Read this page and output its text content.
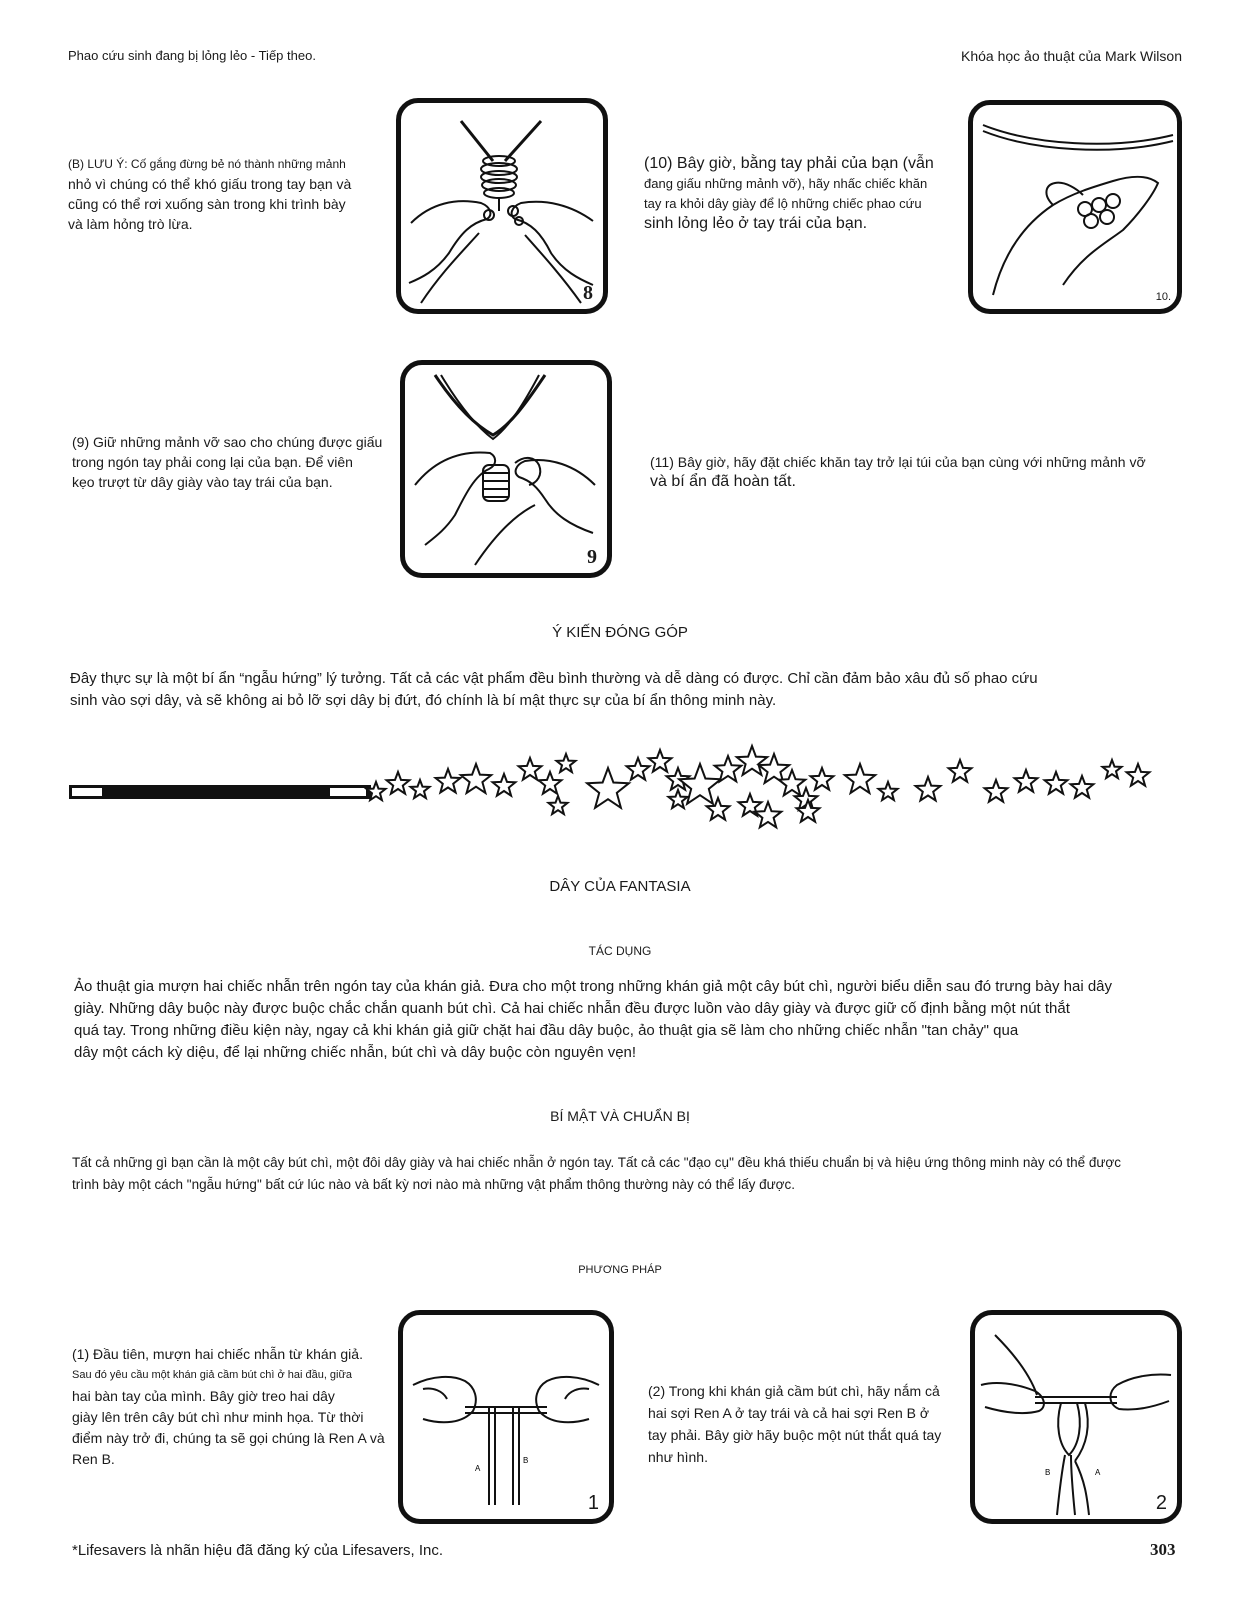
Phao cứu sinh đang bị lỏng lẻo - Tiếp theo.	Khóa học ảo thuật của Mark Wilson
(B) LƯU Ý: Cố gắng đừng bẻ nó thành những mảnh
nhỏ vì chúng có thể khó giấu trong tay bạn và
cũng có thể rơi xuống sàn trong khi trình bày
và làm hỏng trò lừa.
8
(10) Bây giờ, bằng tay phải của bạn (vẫn
đang giấu những mảnh vỡ), hãy nhấc chiếc khăn
tay ra khỏi dây giày để lộ những chiếc phao cứu
sinh lỏng lẻo ở tay trái của bạn.
10.
(9) Giữ những mảnh vỡ sao cho chúng được giấu
trong ngón tay phải cong lại của bạn. Để viên
kẹo trượt từ dây giày vào tay trái của bạn.
9
(11) Bây giờ, hãy đặt chiếc khăn tay trở lại túi của bạn cùng với những mảnh vỡ
và bí ẩn đã hoàn tất.
Ý KIẾN ĐÓNG GÓP
Đây thực sự là một bí ẩn “ngẫu hứng” lý tưởng. Tất cả các vật phẩm đều bình thường và dễ dàng có được. Chỉ cần đảm bảo xâu đủ số phao cứu
sinh vào sợi dây, và sẽ không ai bỏ lỡ sợi dây bị đứt, đó chính là bí mật thực sự của bí ẩn thông minh này.
DÂY CỦA FANTASIA
TÁC DỤNG
Ảo thuật gia mượn hai chiếc nhẫn trên ngón tay của khán giả. Đưa cho một trong những khán giả một cây bút chì, người biểu diễn sau đó trưng bày hai dây
giày. Những dây buộc này được buộc chắc chắn quanh bút chì. Cả hai chiếc nhẫn đều được luồn vào dây giày và được giữ cố định bằng một nút thắt
quá tay. Trong những điều kiện này, ngay cả khi khán giả giữ chặt hai đầu dây buộc, ảo thuật gia sẽ làm cho những chiếc nhẫn "tan chảy" qua
dây một cách kỳ diệu, để lại những chiếc nhẫn, bút chì và dây buộc còn nguyên vẹn!
BÍ MẬT VÀ CHUẨN BỊ
Tất cả những gì bạn cần là một cây bút chì, một đôi dây giày và hai chiếc nhẫn ở ngón tay. Tất cả các "đạo cụ" đều khá thiếu chuẩn bị và hiệu ứng thông minh này có thể được
trình bày một cách "ngẫu hứng" bất cứ lúc nào và bất kỳ nơi nào mà những vật phẩm thông thường này có thể lấy được.
PHƯƠNG PHÁP
(1) Đầu tiên, mượn hai chiếc nhẫn từ khán giả.
Sau đó yêu cầu một khán giả cầm bút chì ở hai đầu, giữa
hai bàn tay của mình. Bây giờ treo hai dây
giày lên trên cây bút chì như minh họa. Từ thời
điểm này trở đi, chúng ta sẽ gọi chúng là Ren A và
Ren B.
A
B
1
(2) Trong khi khán giả cầm bút chì, hãy nắm cả
hai sợi Ren A ở tay trái và cả hai sợi Ren B ở
tay phải. Bây giờ hãy buộc một nút thắt quá tay
như hình.
B	A
2
*Lifesavers là nhãn hiệu đã đăng ký của Lifesavers, Inc.	303
